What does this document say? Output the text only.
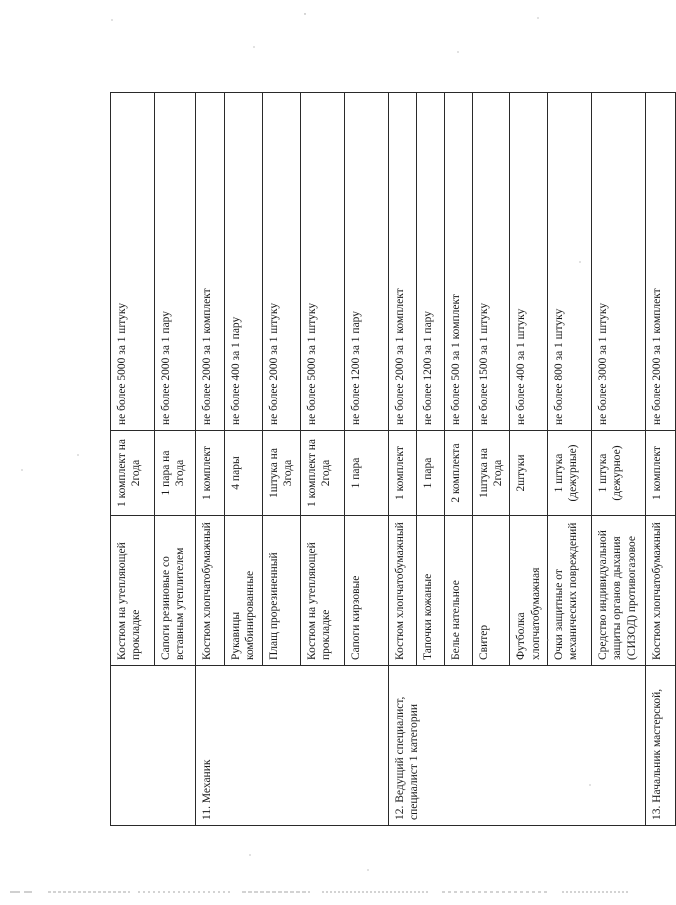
	Костюм на утепляющей прокладке	1 комплект на 2года	не более 5000 за 1 штуку
	Сапоги резиновые со вставным утеплителем	1 пара на 3года	не более 2000 за 1 пару
11. Механик	Костюм хлопчатобумажный	1 комплект	не более 2000 за 1 комплект
	Рукавицы комбинированные	4 пары	не более 400 за 1 пару
	Плащ прорезиненный	1штука на 3года	не более 2000 за 1 штуку
	Костюм на утепляющей прокладке	1 комплект на 2года	не более 5000 за 1 штуку
	Сапоги кирзовые	1 пара	не более 1200 за 1 пару
12. Ведущий специалист, специалист 1 категории	Костюм хлопчатобумажный	1 комплект	не более 2000 за 1 комплект
	Тапочки кожаные	1 пара	не более 1200 за 1 пару
	Белье нательное	2 комплекта	не более 500 за 1 комплект
	Свитер	1штука на 2года	не более 1500 за 1 штуку
	Футболка хлопчатобумажная	2штуки	не более 400 за 1 штуку
	Очки защитные от механических повреждений	1 штука (дежурные)	не более 800 за 1 штуку
	Средство индивидуальной защиты органов дыхания (СИЗОД) противогазовое	1 штука (дежурное)	не более 3000 за 1 штуку
13. Начальник мастерской,	Костюм хлопчатобумажный	1 комплект	не более 2000 за 1 комплект
